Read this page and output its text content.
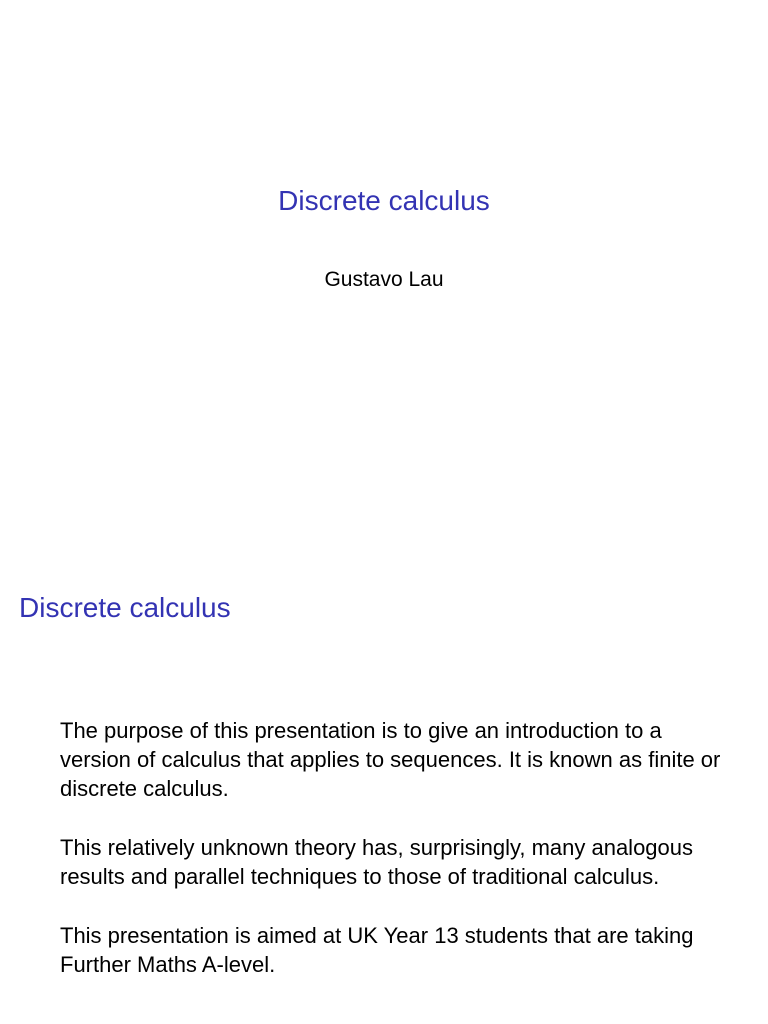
Discrete calculus
Gustavo Lau
Discrete calculus

The purpose of this presentation is to give an introduction to a version of calculus that applies to sequences. It is known as finite or discrete calculus.

This relatively unknown theory has, surprisingly, many analogous results and parallel techniques to those of traditional calculus.

This presentation is aimed at UK Year 13 students that are taking Further Maths A-level.
